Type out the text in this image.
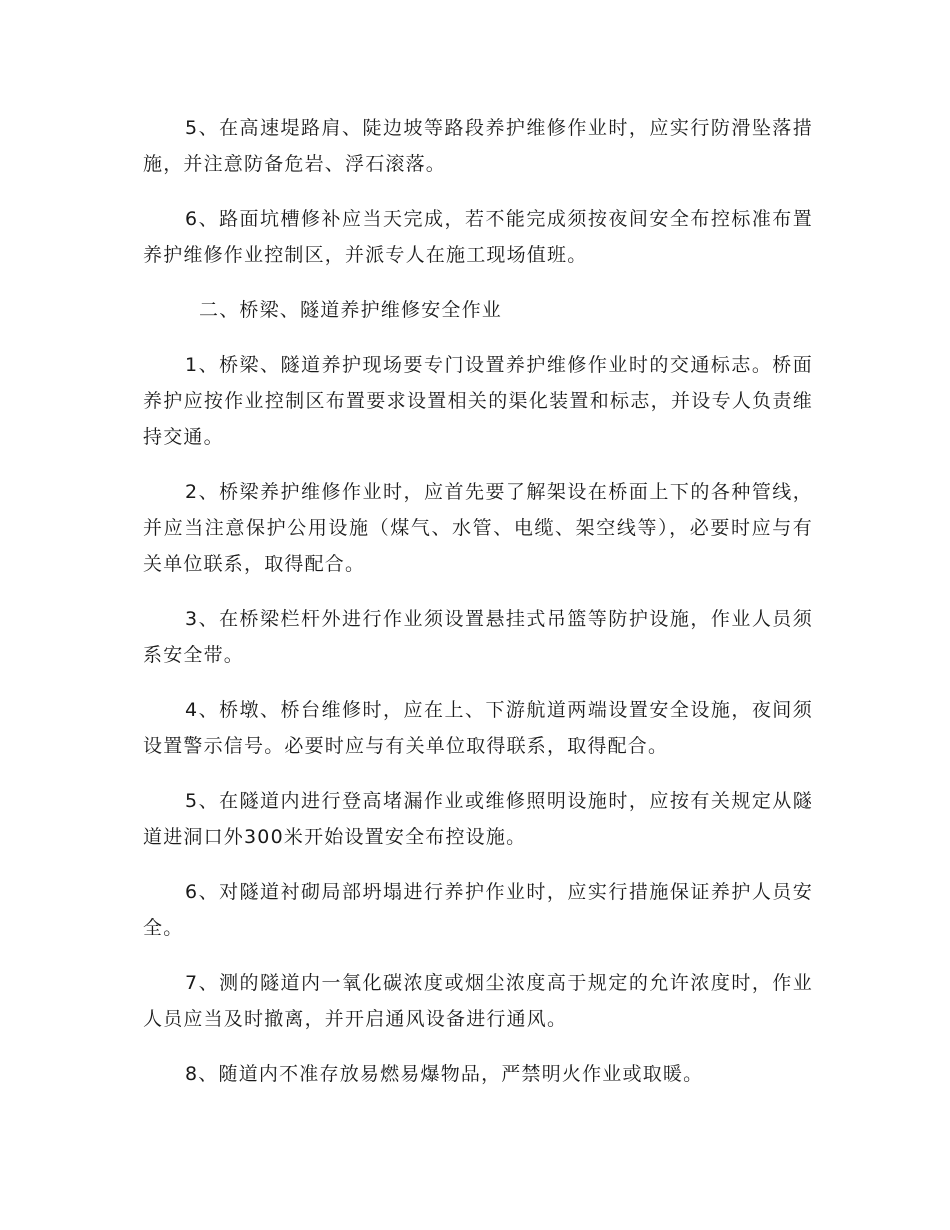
5、在高速堤路肩、陡边坡等路段养护维修作业时，应实行防滑坠落措施，并注意防备危岩、浮石滚落。

6、路面坑槽修补应当天完成，若不能完成须按夜间安全布控标准布置养护维修作业控制区，并派专人在施工现场值班。

二、桥梁、隧道养护维修安全作业

1、桥梁、隧道养护现场要专门设置养护维修作业时的交通标志。桥面养护应按作业控制区布置要求设置相关的渠化装置和标志，并设专人负责维持交通。

2、桥梁养护维修作业时，应首先要了解架设在桥面上下的各种管线，并应当注意保护公用设施（煤气、水管、电缆、架空线等），必要时应与有关单位联系，取得配合。

3、在桥梁栏杆外进行作业须设置悬挂式吊篮等防护设施，作业人员须系安全带。

4、桥墩、桥台维修时，应在上、下游航道两端设置安全设施，夜间须设置警示信号。必要时应与有关单位取得联系，取得配合。

5、在隧道内进行登高堵漏作业或维修照明设施时，应按有关规定从隧道进洞口外300米开始设置安全布控设施。

6、对隧道衬砌局部坍塌进行养护作业时，应实行措施保证养护人员安全。

7、测的隧道内一氧化碳浓度或烟尘浓度高于规定的允许浓度时，作业人员应当及时撤离，并开启通风设备进行通风。

8、随道内不准存放易燃易爆物品，严禁明火作业或取暖。
